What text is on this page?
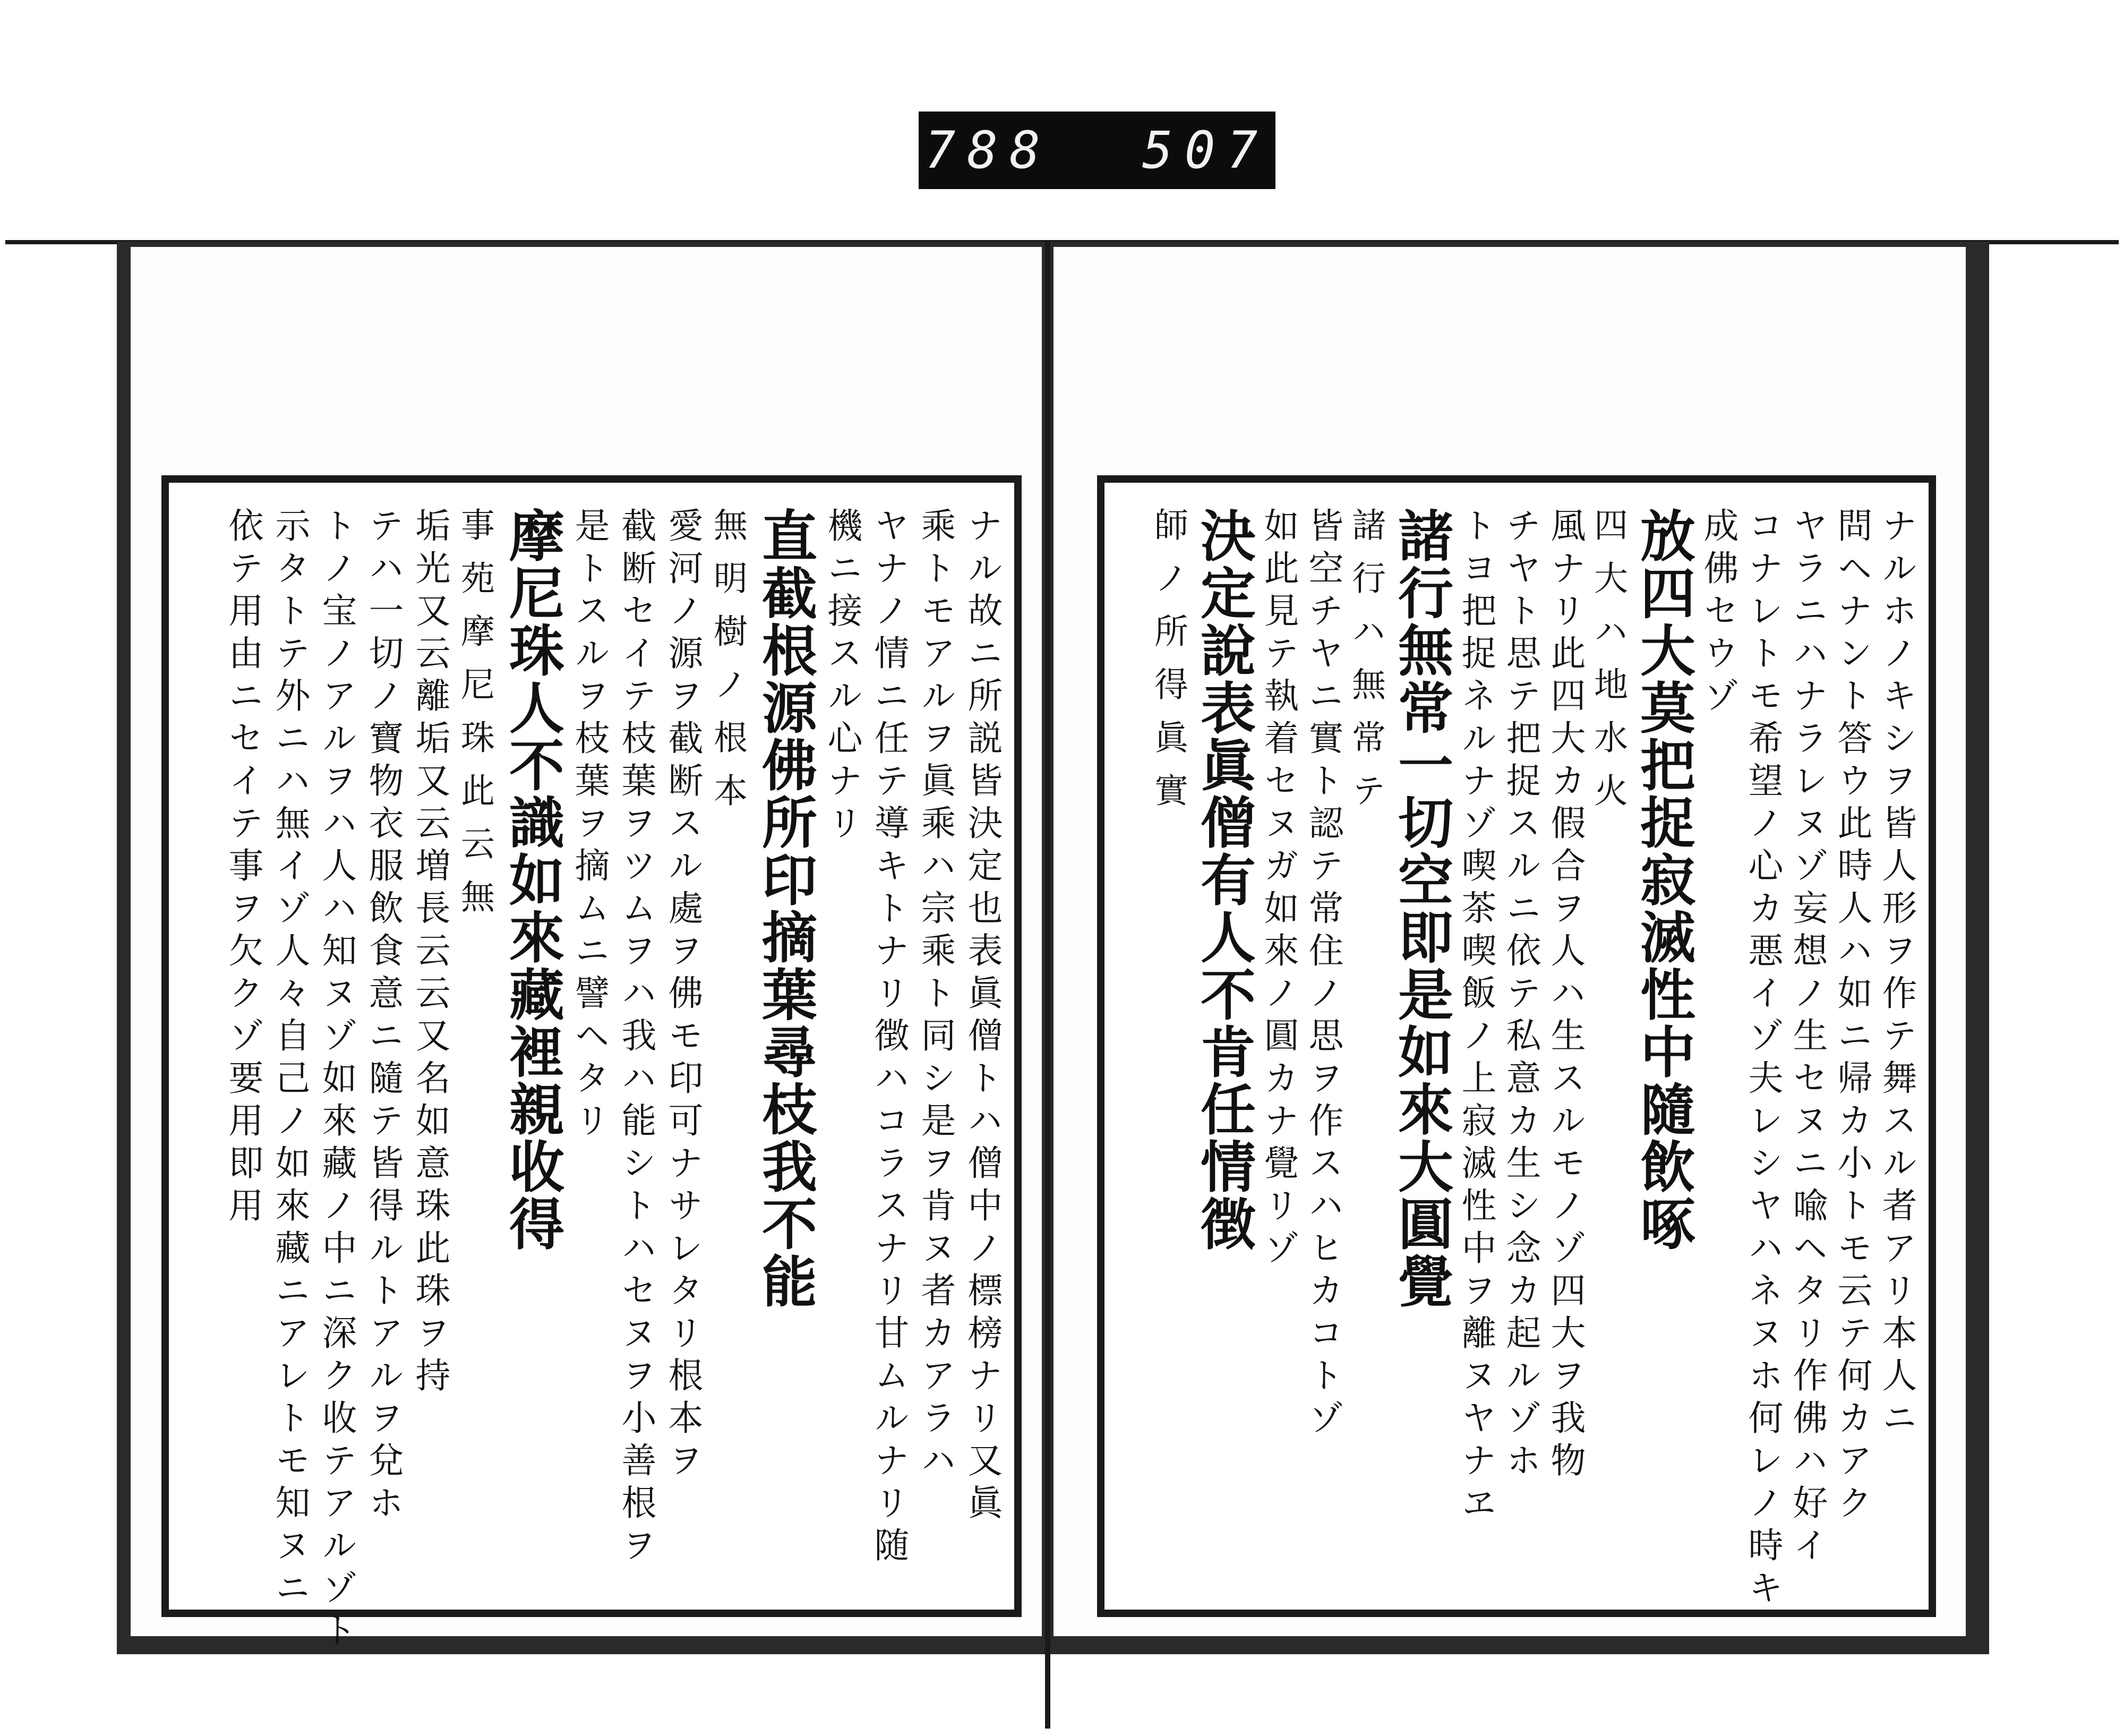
788 507
ナル故ニ所説皆決定也表眞僧トハ僧中ノ標榜ナリ又眞
乘トモアルヲ眞乘ハ宗乘ト同シ是ヲ肯ヌ者カアラハ
ヤナノ情ニ任テ導キトナリ徴ハコラスナリ甘ムルナリ随
機ニ接スル心ナリ
直截根源佛所印摘葉尋枝我不能
無明樹ノ根本
愛河ノ源ヲ截断スル處ヲ佛モ印可ナサレタリ根本ヲ
截断セイテ枝葉ヲツムヲハ我ハ能シトハセヌヲ小善根ヲ
是トスルヲ枝葉ヲ摘ムニ譬ヘタリ
摩尼珠人不識如來藏裡親收得
事苑摩尼珠此云無
垢光又云離垢又云増長云云又名如意珠此珠ヲ持
テハ一切ノ寶物衣服飲食意ニ隨テ皆得ルトアルヲ兌ホ
トノ宝ノアルヲハ人ハ知ヌゾ如來藏ノ中ニ深ク收テアルゾト
示タトテ外ニハ無イゾ人々自己ノ如來藏ニアレトモ知ヌニ
依テ用由ニセイテ事ヲ欠クゾ要用即用	ナルホノキシヲ皆人形ヲ作テ舞スル者アリ本人ニ
問ヘナント答ウ此時人ハ如ニ帰カ小トモ云テ何カアク
ヤラニハナラレヌゾ妄想ノ生セヌニ喩ヘタリ作佛ハ好イ
コナレトモ希望ノ心カ悪イゾ夫レシヤハネヌホ何レノ時キ
成佛セウゾ
放四大莫把捉寂滅性中隨飲啄
四大ハ地水火
風ナリ此四大カ假合ヲ人ハ生スルモノゾ四大ヲ我物
チヤト思テ把捉スルニ依テ私意カ生シ念カ起ルゾホ
トヨ把捉ネルナゾ喫茶喫飯ノ上寂滅性中ヲ離ヌヤナヱ
諸行無常一切空即是如來大圓覺
諸行ハ無常テ
皆空チヤニ實ト認テ常住ノ思ヲ作スハヒカコトゾ
如此見テ執着セヌガ如來ノ圓カナ覺リゾ
決定說表眞僧有人不肯任情徴
師ノ所得眞實
